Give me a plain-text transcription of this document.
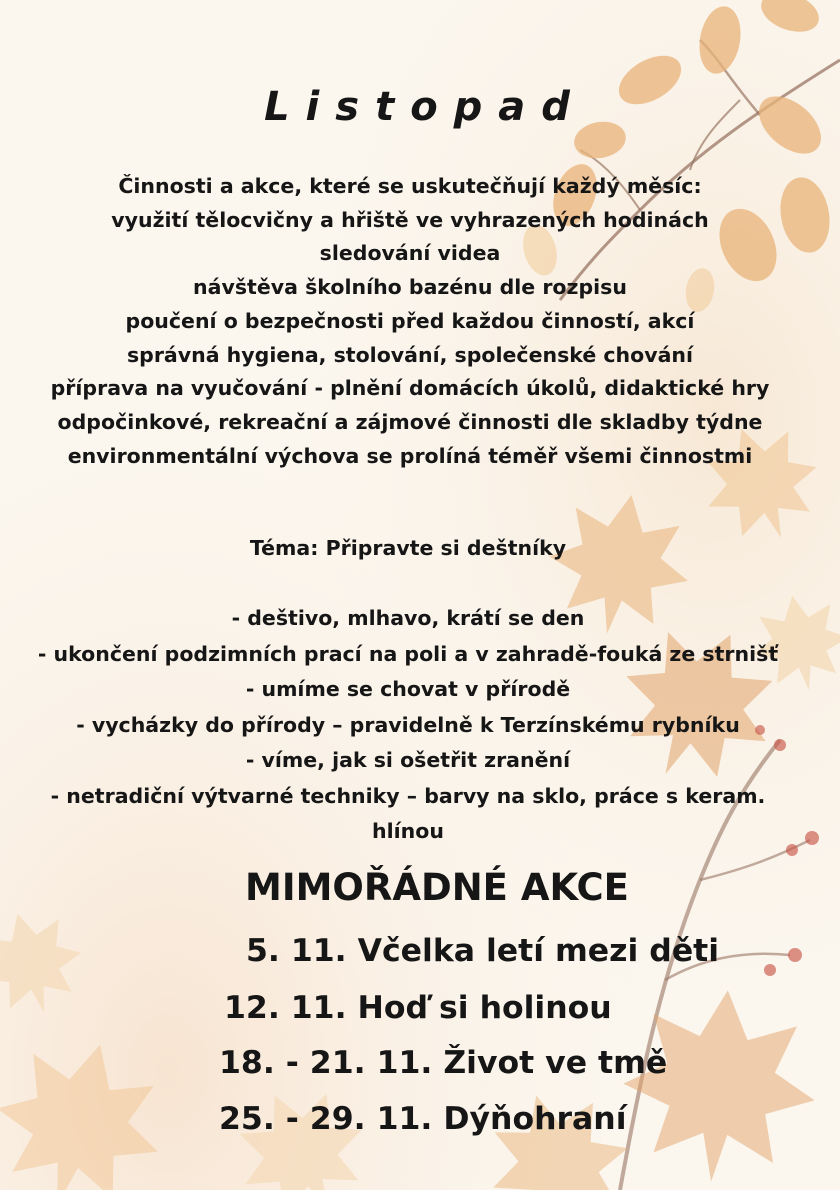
Listopad
Činnosti a akce, které se uskutečňují každý měsíc:
využití tělocvičny a hřiště ve vyhrazených hodinách
sledování videa
návštěva školního bazénu dle rozpisu
poučení o bezpečnosti před každou činností, akcí
správná hygiena, stolování, společenské chování
příprava na vyučování - plnění domácích úkolů, didaktické hry
odpočinkové, rekreační a zájmové činnosti dle skladby týdne
environmentální výchova se prolíná téměř všemi činnostmi
Téma: Připravte si deštníky
- deštivo, mlhavo, krátí se den
- ukončení podzimních prací na poli a v zahradě-fouká ze strnišť
- umíme se chovat v přírodě
- vycházky do přírody – pravidelně k Terzínskému rybníku
- víme, jak si ošetřit zranění
- netradiční výtvarné techniky – barvy na sklo, práce s keram.
hlínou
MIMOŘÁDNÉ AKCE
5. 11. Včelka letí mezi děti
12. 11. Hoď si holinou
18. - 21. 11. Život ve tmě
25. - 29. 11. Dýňohraní
